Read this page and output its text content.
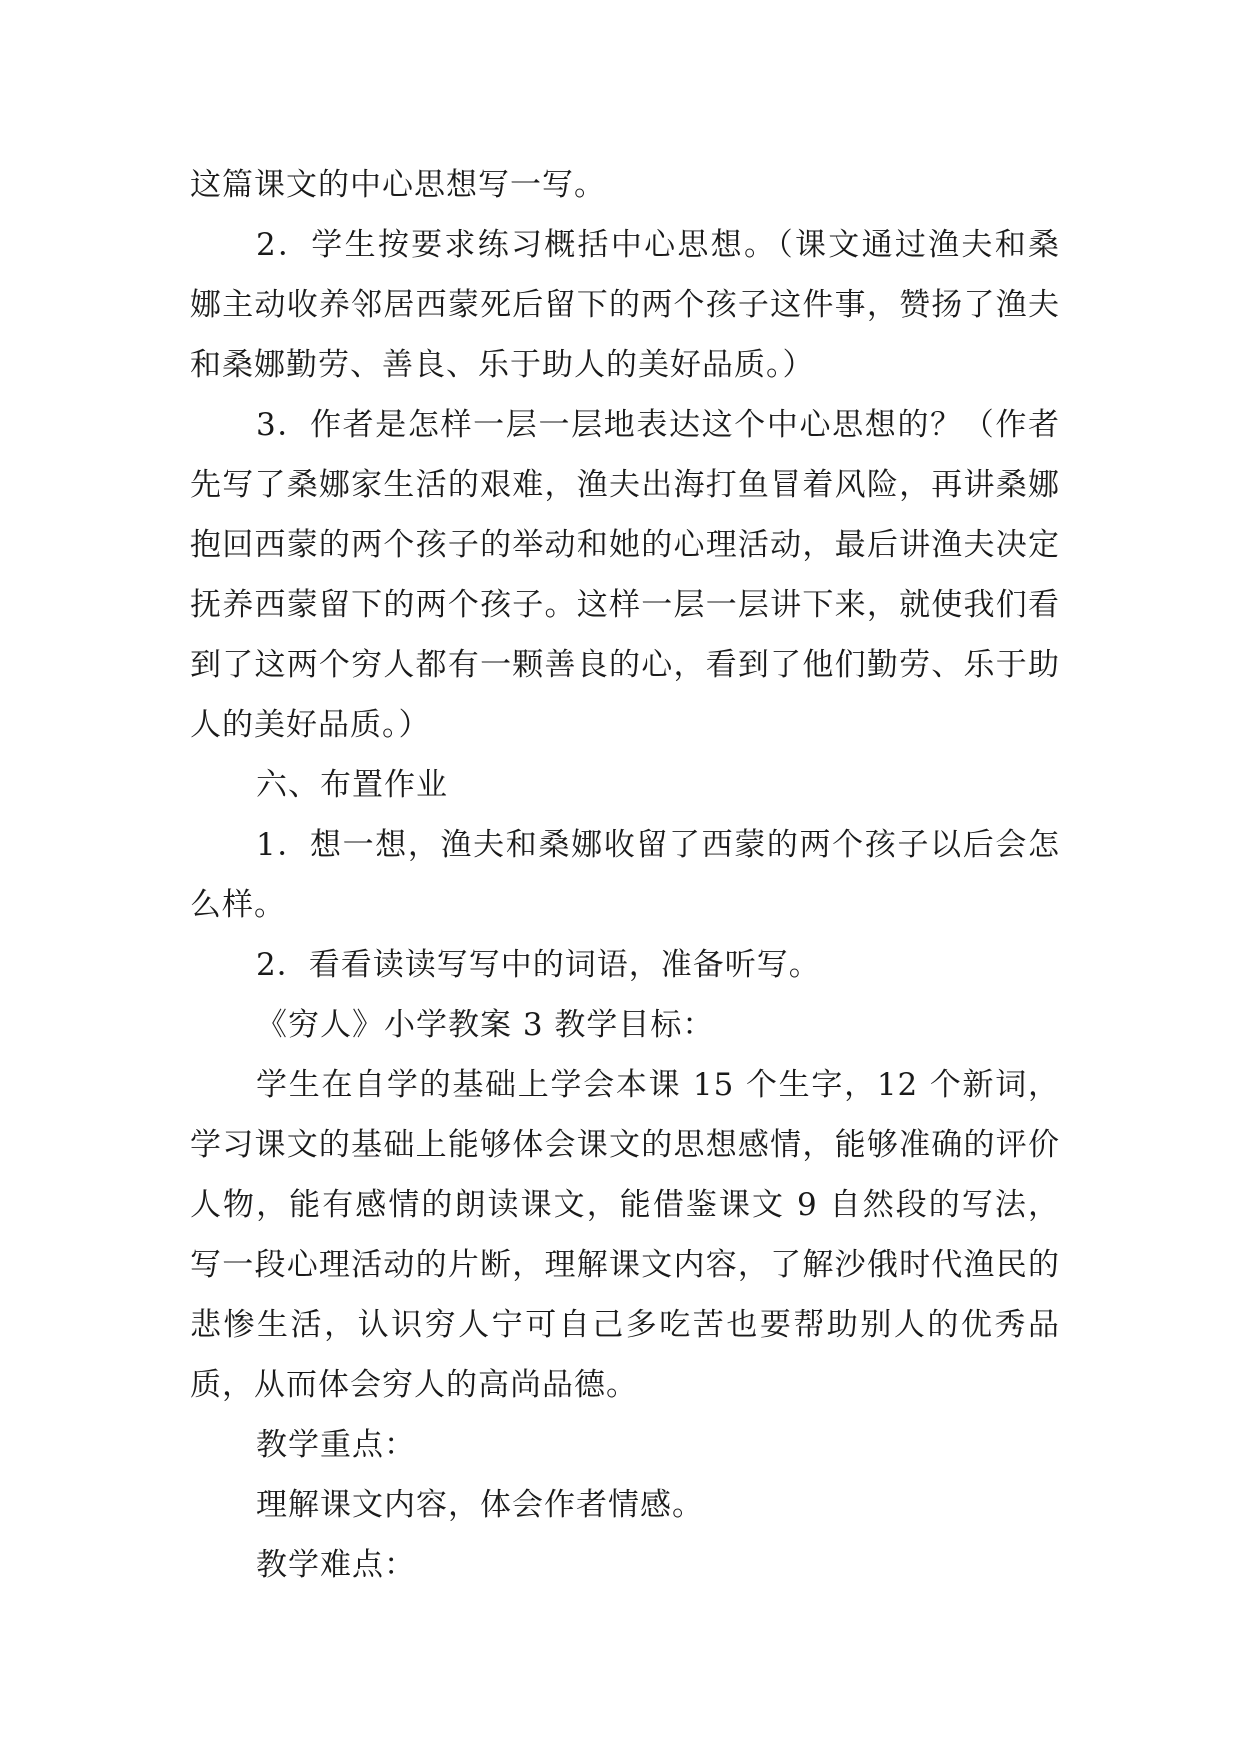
这篇课文的中心思想写一写。

2．学生按要求练习概括中心思想。（课文通过渔夫和桑娜主动收养邻居西蒙死后留下的两个孩子这件事，赞扬了渔夫和桑娜勤劳、善良、乐于助人的美好品质。）

3．作者是怎样一层一层地表达这个中心思想的？（作者先写了桑娜家生活的艰难，渔夫出海打鱼冒着风险，再讲桑娜抱回西蒙的两个孩子的举动和她的心理活动，最后讲渔夫决定抚养西蒙留下的两个孩子。这样一层一层讲下来，就使我们看到了这两个穷人都有一颗善良的心，看到了他们勤劳、乐于助人的美好品质。）

六、布置作业

1．想一想，渔夫和桑娜收留了西蒙的两个孩子以后会怎么样。

2．看看读读写写中的词语，准备听写。

《穷人》小学教案 3 教学目标：

学生在自学的基础上学会本课 15 个生字，12 个新词，学习课文的基础上能够体会课文的思想感情，能够准确的评价人物，能有感情的朗读课文，能借鉴课文 9 自然段的写法，写一段心理活动的片断，理解课文内容，了解沙俄时代渔民的悲惨生活，认识穷人宁可自己多吃苦也要帮助别人的优秀品质，从而体会穷人的高尚品德。

教学重点：

理解课文内容，体会作者情感。

教学难点：
